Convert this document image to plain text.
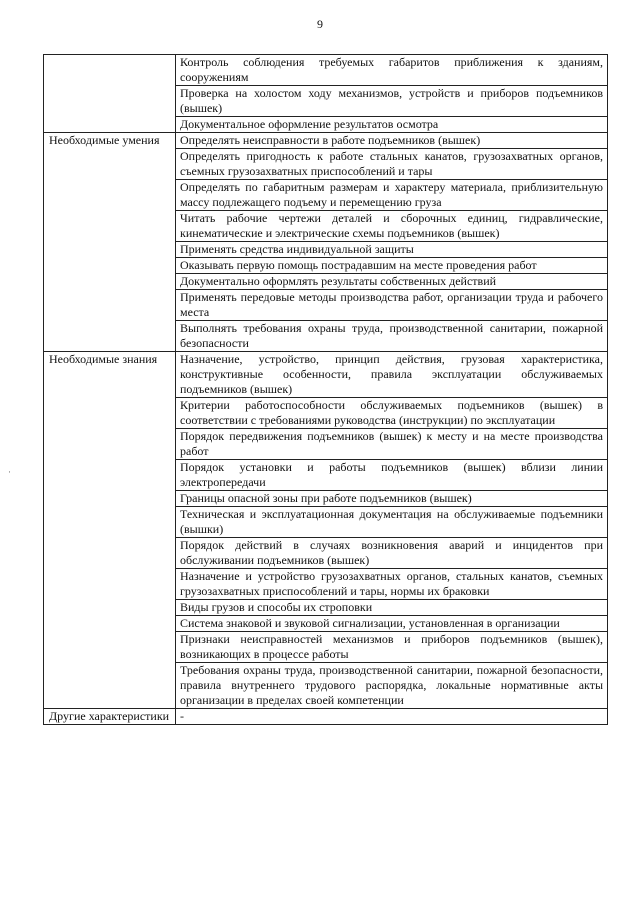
9
	Контроль соблюдения требуемых габаритов приближения к зданиям, сооружениям
	Проверка на холостом ходу механизмов, устройств и приборов подъемников (вышек)
	Документальное оформление результатов осмотра
Необходимые умения	Определять неисправности в работе подъемников (вышек)
	Определять пригодность к работе стальных канатов, грузозахватных органов, съемных грузозахватных приспособлений и тары
	Определять по габаритным размерам и характеру материала, приблизительную массу подлежащего подъему и перемещению груза
	Читать рабочие чертежи деталей и сборочных единиц, гидравлические, кинематические и электрические схемы подъемников (вышек)
	Применять средства индивидуальной защиты
	Оказывать первую помощь пострадавшим на месте проведения работ
	Документально оформлять результаты собственных действий
	Применять передовые методы производства работ, организации труда и рабочего места
	Выполнять требования охраны труда, производственной санитарии, пожарной безопасности
Необходимые знания	Назначение, устройство, принцип действия, грузовая характеристика, конструктивные особенности, правила эксплуатации обслуживаемых подъемников (вышек)
	Критерии работоспособности обслуживаемых подъемников (вышек) в соответствии с требованиями руководства (инструкции) по эксплуатации
	Порядок передвижения подъемников (вышек) к месту и на месте производства работ
	Порядок установки и работы подъемников (вышек) вблизи линии электропередачи
	Границы опасной зоны при работе подъемников (вышек)
	Техническая и эксплуатационная документация на обслуживаемые подъемники (вышки)
	Порядок действий в случаях возникновения аварий и инцидентов при обслуживании подъемников (вышек)
	Назначение и устройство грузозахватных органов, стальных канатов, съемных грузозахватных приспособлений и тары, нормы их браковки
	Виды грузов и способы их строповки
	Система знаковой и звуковой сигнализации, установленная в организации
	Признаки неисправностей механизмов и приборов подъемников (вышек), возникающих в процессе работы
	Требования охраны труда, производственной санитарии, пожарной безопасности, правила внутреннего трудового распорядка, локальные нормативные акты организации в пределах своей компетенции
Другие характеристики	-
·
